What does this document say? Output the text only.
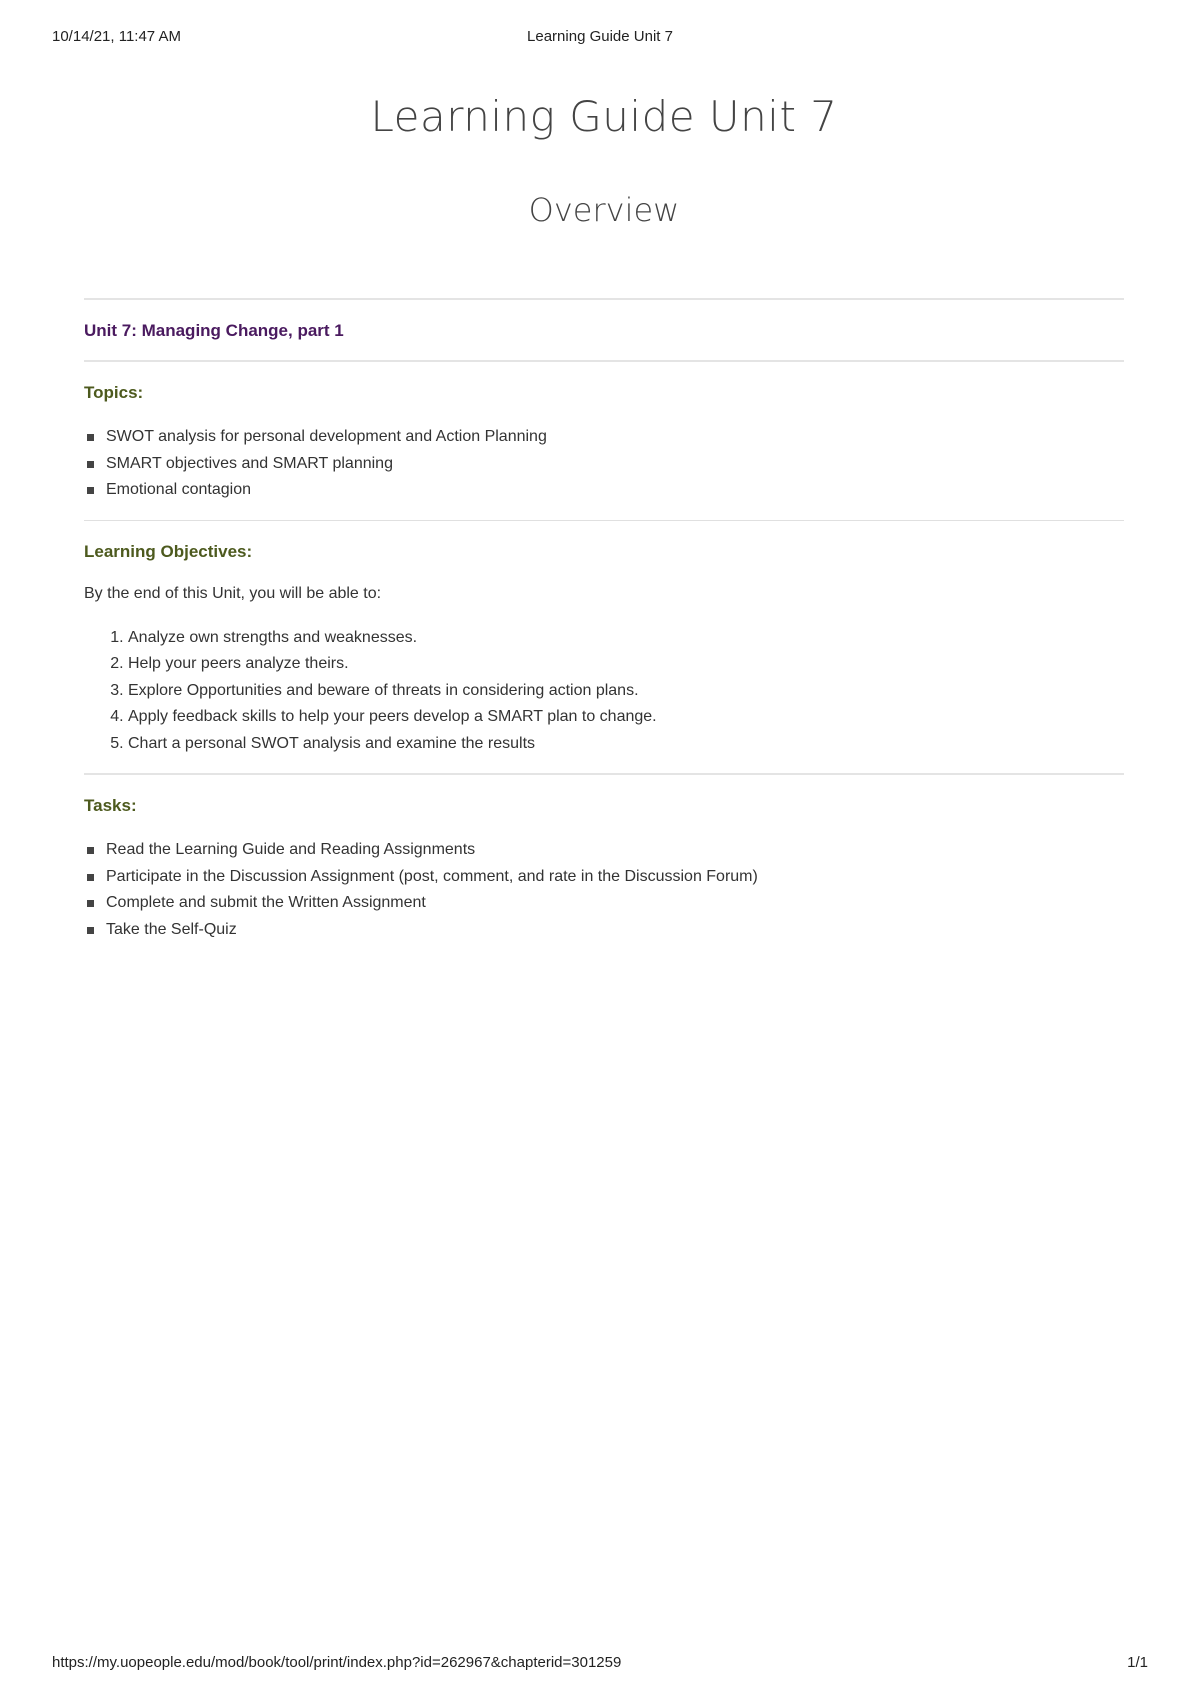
10/14/21, 11:47 AM	Learning Guide Unit 7
Learning Guide Unit 7
Overview
Unit 7: Managing Change, part 1
Topics:
SWOT analysis for personal development and Action Planning
SMART objectives and SMART planning
Emotional contagion
Learning Objectives:

By the end of this Unit, you will be able to:

1. Analyze own strengths and weaknesses.
2. Help your peers analyze theirs.
3. Explore Opportunities and beware of threats in considering action plans.
4. Apply feedback skills to help your peers develop a SMART plan to change.
5. Chart a personal SWOT analysis and examine the results
Tasks:
Read the Learning Guide and Reading Assignments
Participate in the Discussion Assignment (post, comment, and rate in the Discussion Forum)
Complete and submit the Written Assignment
Take the Self-Quiz
https://my.uopeople.edu/mod/book/tool/print/index.php?id=262967&chapterid=301259	1/1
